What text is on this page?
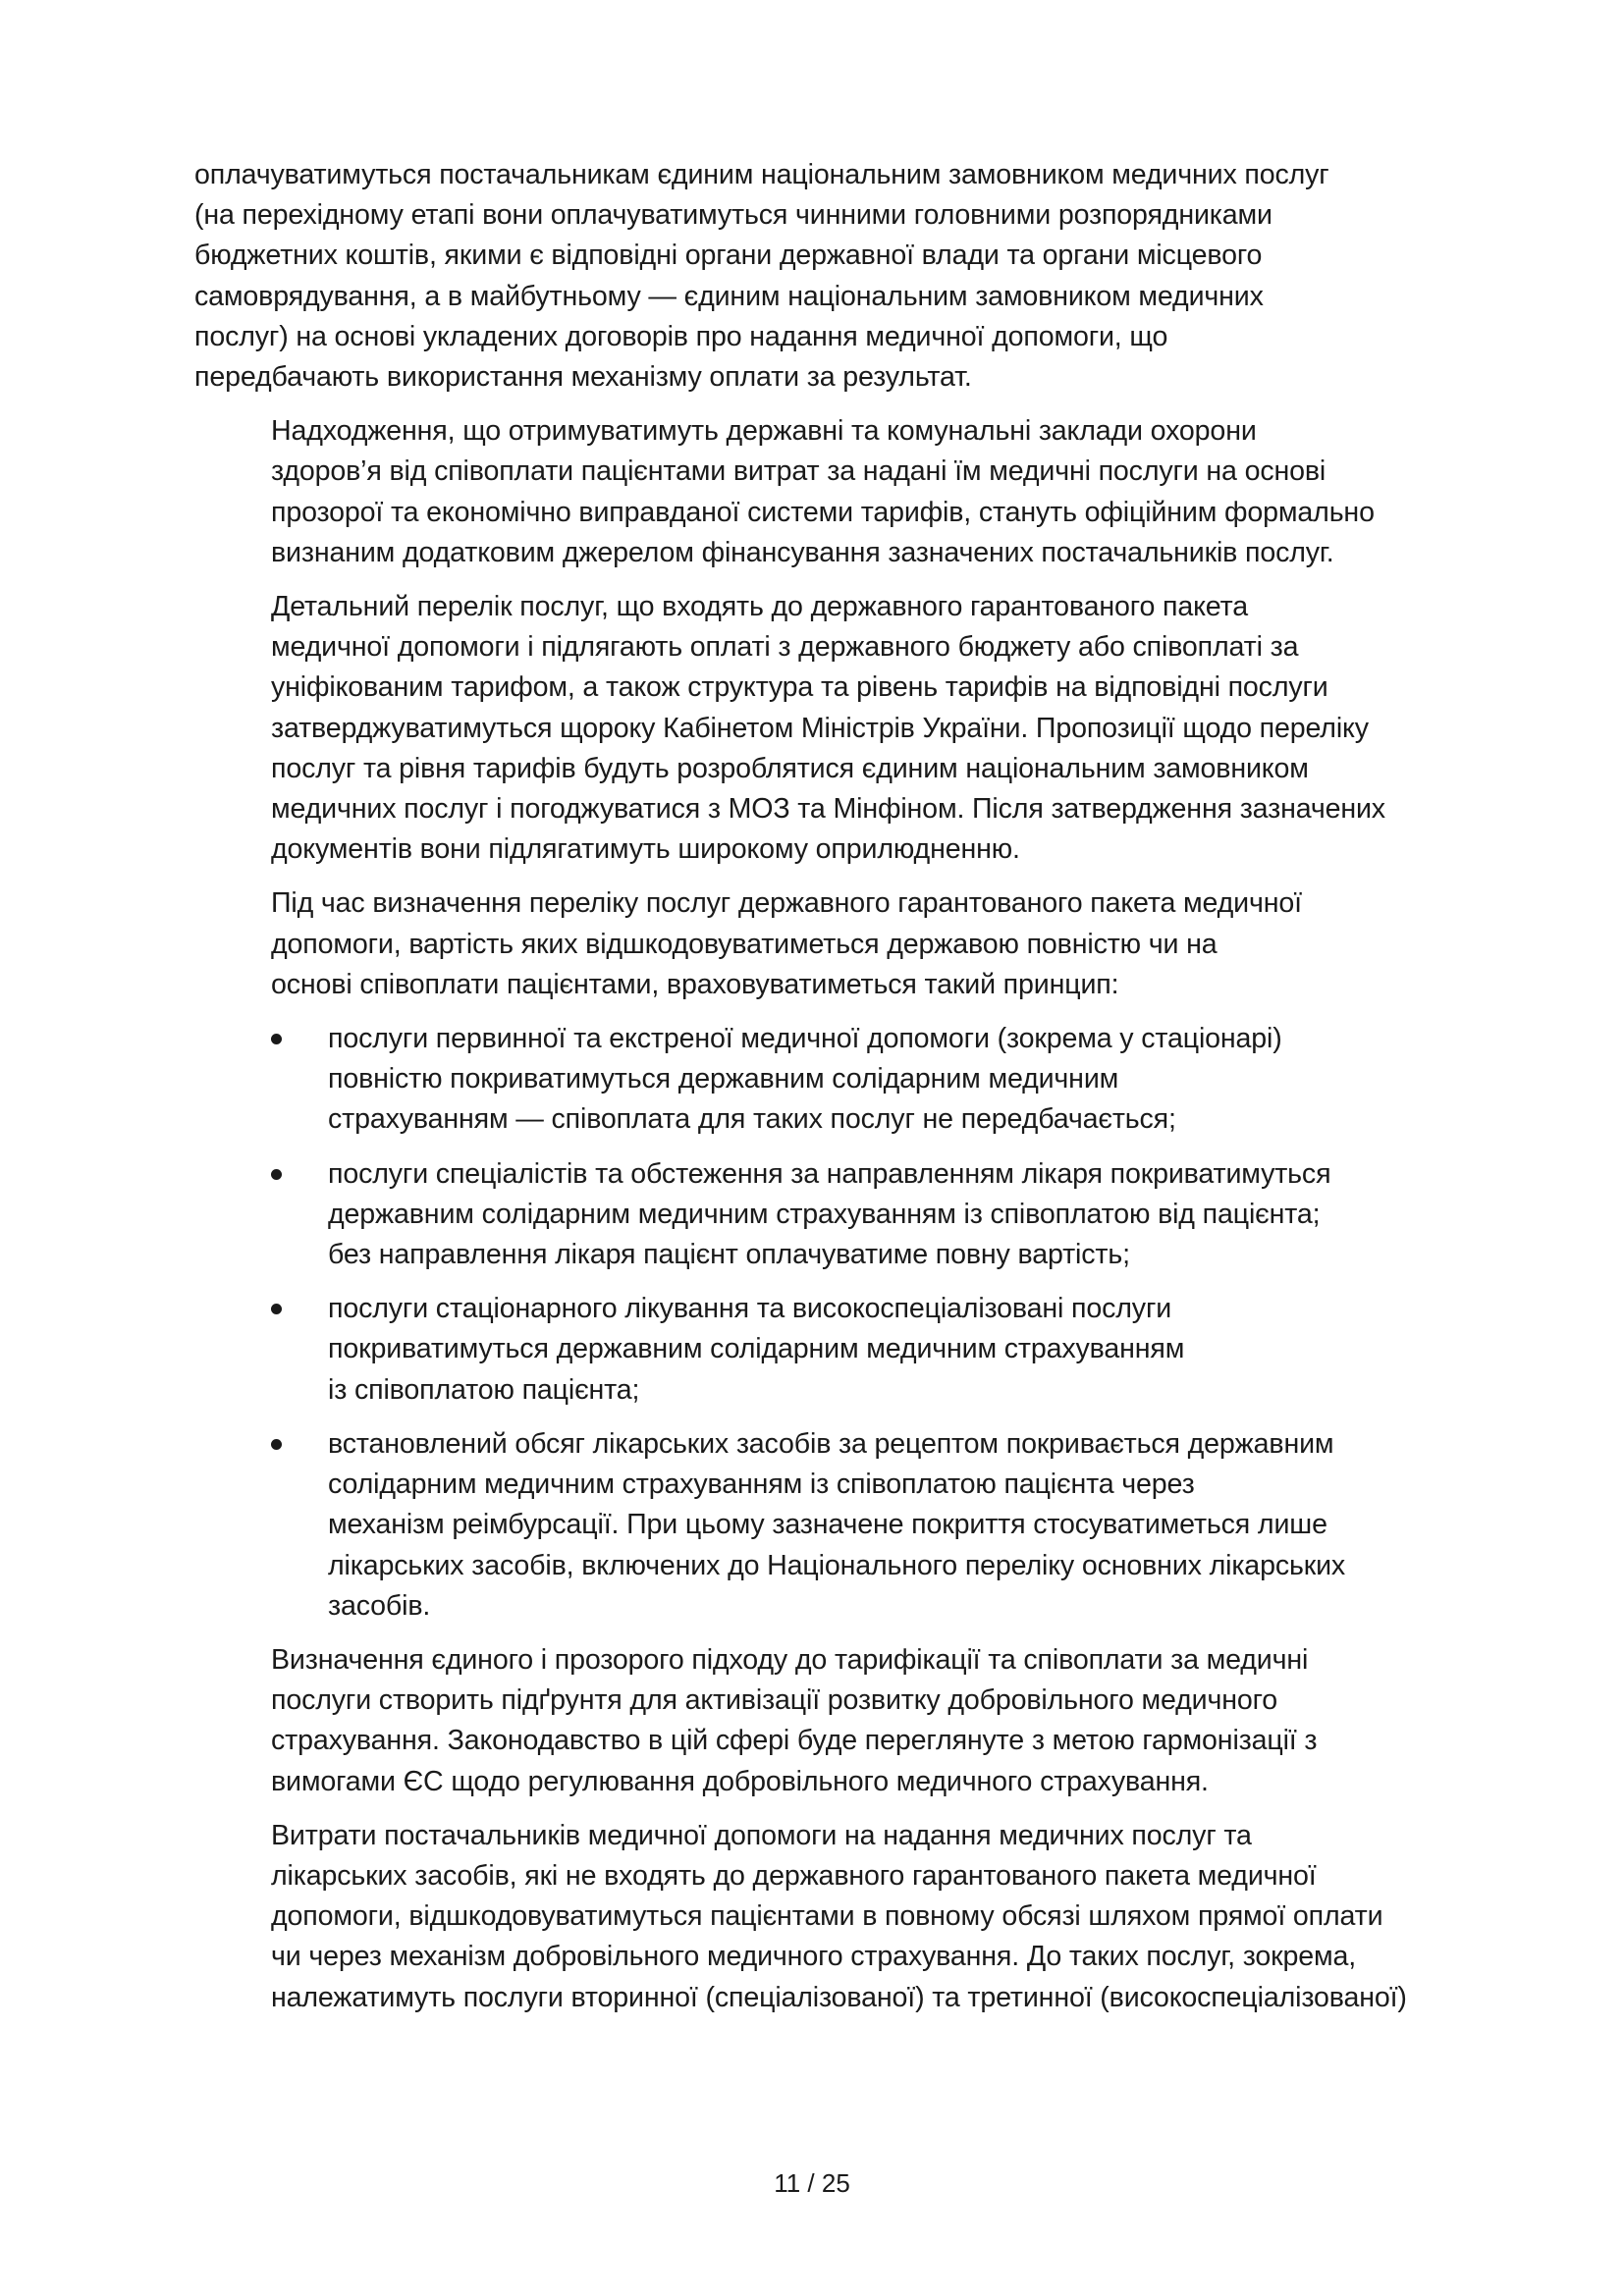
оплачуватимуться постачальникам єдиним національним замовником медичних послуг
(на перехідному етапі вони оплачуватимуться чинними головними розпорядниками
бюджетних коштів, якими є відповідні органи державної влади та органи місцевого
самоврядування, а в майбутньому — єдиним національним замовником медичних
послуг) на основі укладених договорів про надання медичної допомоги, що
передбачають використання механізму оплати за результат.

Надходження, що отримуватимуть державні та комунальні заклади охорони
здоров’я від співоплати пацієнтами витрат за надані їм медичні послуги на основі
прозорої та економічно виправданої системи тарифів, стануть офіційним формально
визнаним додатковим джерелом фінансування зазначених постачальників послуг.

Детальний перелік послуг, що входять до державного гарантованого пакета
медичної допомоги і підлягають оплаті з державного бюджету або співоплаті за
уніфікованим тарифом, а також структура та рівень тарифів на відповідні послуги
затверджуватимуться щороку Кабінетом Міністрів України. Пропозиції щодо переліку
послуг та рівня тарифів будуть розроблятися єдиним національним замовником
медичних послуг і погоджуватися з МОЗ та Мінфіном. Після затвердження зазначених
документів вони підлягатимуть широкому оприлюдненню.

Під час визначення переліку послуг державного гарантованого пакета медичної
допомоги, вартість яких відшкодовуватиметься державою повністю чи на
основі співоплати пацієнтами, враховуватиметься такий принцип:

послуги первинної та екстреної медичної допомоги (зокрема у стаціонарі)
повністю покриватимуться державним солідарним медичним
страхуванням — співоплата для таких послуг не передбачається;
послуги спеціалістів та обстеження за направленням лікаря покриватимуться
державним солідарним медичним страхуванням із співоплатою від пацієнта;
без направлення лікаря пацієнт оплачуватиме повну вартість;
послуги стаціонарного лікування та високоспеціалізовані послуги
покриватимуться державним солідарним медичним страхуванням
із співоплатою пацієнта;
встановлений обсяг лікарських засобів за рецептом покривається державним
солідарним медичним страхуванням із співоплатою пацієнта через
механізм реімбурсації. При цьому зазначене покриття стосуватиметься лише
лікарських засобів, включених до Національного переліку основних лікарських
засобів.

Визначення єдиного і прозорого підходу до тарифікації та співоплати за медичні
послуги створить підґрунтя для активізації розвитку добровільного медичного
страхування. Законодавство в цій сфері буде переглянуте з метою гармонізації з
вимогами ЄС щодо регулювання добровільного медичного страхування.

Витрати постачальників медичної допомоги на надання медичних послуг та
лікарських засобів, які не входять до державного гарантованого пакета медичної
допомоги, відшкодовуватимуться пацієнтами в повному обсязі шляхом прямої оплати
чи через механізм добровільного медичного страхування. До таких послуг, зокрема,
належатимуть послуги вторинної (спеціалізованої) та третинної (високоспеціалізованої)

11 / 25
